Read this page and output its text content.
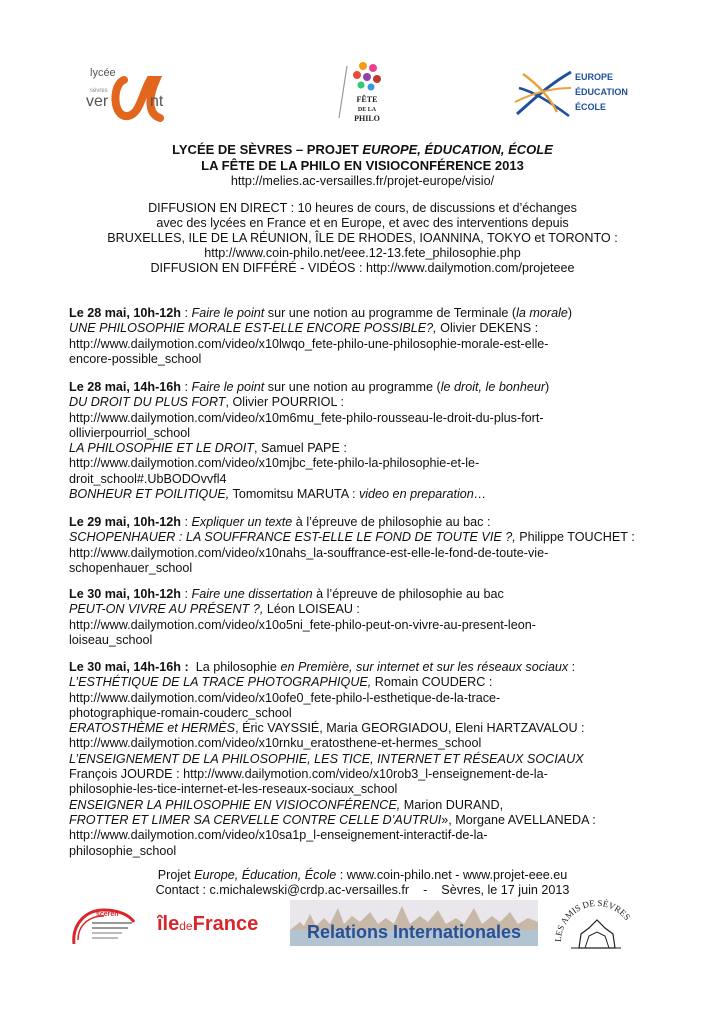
lycée
sèvres
ver	nt	FÊTE
DE LA
PHILO
EUROPE
ÉDUCATION
ÉCOLE
LYCÉE DE SÈVRES – PROJET EUROPE, ÉDUCATION, ÉCOLE
LA FÊTE DE LA PHILO EN VISIOCONFÉRENCE 2013
http://melies.ac-versailles.fr/projet-europe/visio/
DIFFUSION EN DIRECT : 10 heures de cours, de discussions et d’échanges
avec des lycées en France et en Europe, et avec des interventions depuis
BRUXELLES, ILE DE LA RÉUNION, ÎLE DE RHODES, IOANNINA, TOKYO et TORONTO :
http://www.coin-philo.net/eee.12-13.fete_philosophie.php
DIFFUSION EN DIFFÉRÉ - VIDÉOS : http://www.dailymotion.com/projeteee
Le 28 mai, 10h-12h : Faire le point sur une notion au programme de Terminale (la morale)
UNE PHILOSOPHIE MORALE EST-ELLE ENCORE POSSIBLE?, Olivier DEKENS :
http://www.dailymotion.com/video/x10lwqo_fete-philo-une-philosophie-morale-est-elle-
encore-possible_school
Le 28 mai, 14h-16h : Faire le point sur une notion au programme (le droit, le bonheur)
DU DROIT DU PLUS FORT, Olivier POURRIOL :
http://www.dailymotion.com/video/x10m6mu_fete-philo-rousseau-le-droit-du-plus-fort-
ollivierpourriol_school
LA PHILOSOPHIE ET LE DROIT, Samuel PAPE :
http://www.dailymotion.com/video/x10mjbc_fete-philo-la-philosophie-et-le-
droit_school#.UbBODOvvfl4
BONHEUR ET POILITIQUE, Tomomitsu MARUTA : video en preparation…
Le 29 mai, 10h-12h : Expliquer un texte à l’épreuve de philosophie au bac :
SCHOPENHAUER : LA SOUFFRANCE EST-ELLE LE FOND DE TOUTE VIE ?, Philippe TOUCHET :
http://www.dailymotion.com/video/x10nahs_la-souffrance-est-elle-le-fond-de-toute-vie-
schopenhauer_school
Le 30 mai, 10h-12h : Faire une dissertation à l’épreuve de philosophie au bac
PEUT-ON VIVRE AU PRÉSENT ?, Léon LOISEAU :
http://www.dailymotion.com/video/x10o5ni_fete-philo-peut-on-vivre-au-present-leon-
loiseau_school
Le 30 mai, 14h-16h :  La philosophie en Première, sur internet et sur les réseaux sociaux :
L’ESTHÉTIQUE DE LA TRACE PHOTOGRAPHIQUE, Romain COUDERC :
http://www.dailymotion.com/video/x10ofe0_fete-philo-l-esthetique-de-la-trace-
photographique-romain-couderc_school
ERATOSTHÈME et HERMÈS, Éric VAYSSIÉ, Maria GEORGIADOU, Eleni HARTZAVALOU :
http://www.dailymotion.com/video/x10rnku_eratosthene-et-hermes_school
L’ENSEIGNEMENT DE LA PHILOSOPHIE, LES TICE, INTERNET ET RÉSEAUX SOCIAUX
François JOURDE : http://www.dailymotion.com/video/x10rob3_l-enseignement-de-la-
philosophie-les-tice-internet-et-les-reseaux-sociaux_school
ENSEIGNER LA PHILOSOPHIE EN VISIOCONFÉRENCE, Marion DURAND,
FROTTER ET LIMER SA CERVELLE CONTRE CELLE D’AUTRUI», Morgane AVELLANEDA :
http://www.dailymotion.com/video/x10sa1p_l-enseignement-interactif-de-la-
philosophie_school
Projet Europe, Éducation, École : www.coin-philo.net - www.projet-eee.eu
Contact : c.michalewski@crdp.ac-versailles.fr    -    Sèvres, le 17 juin 2013
scérén îledeFrance	Relations Internationales	LES AMIS DE SÈVRES
